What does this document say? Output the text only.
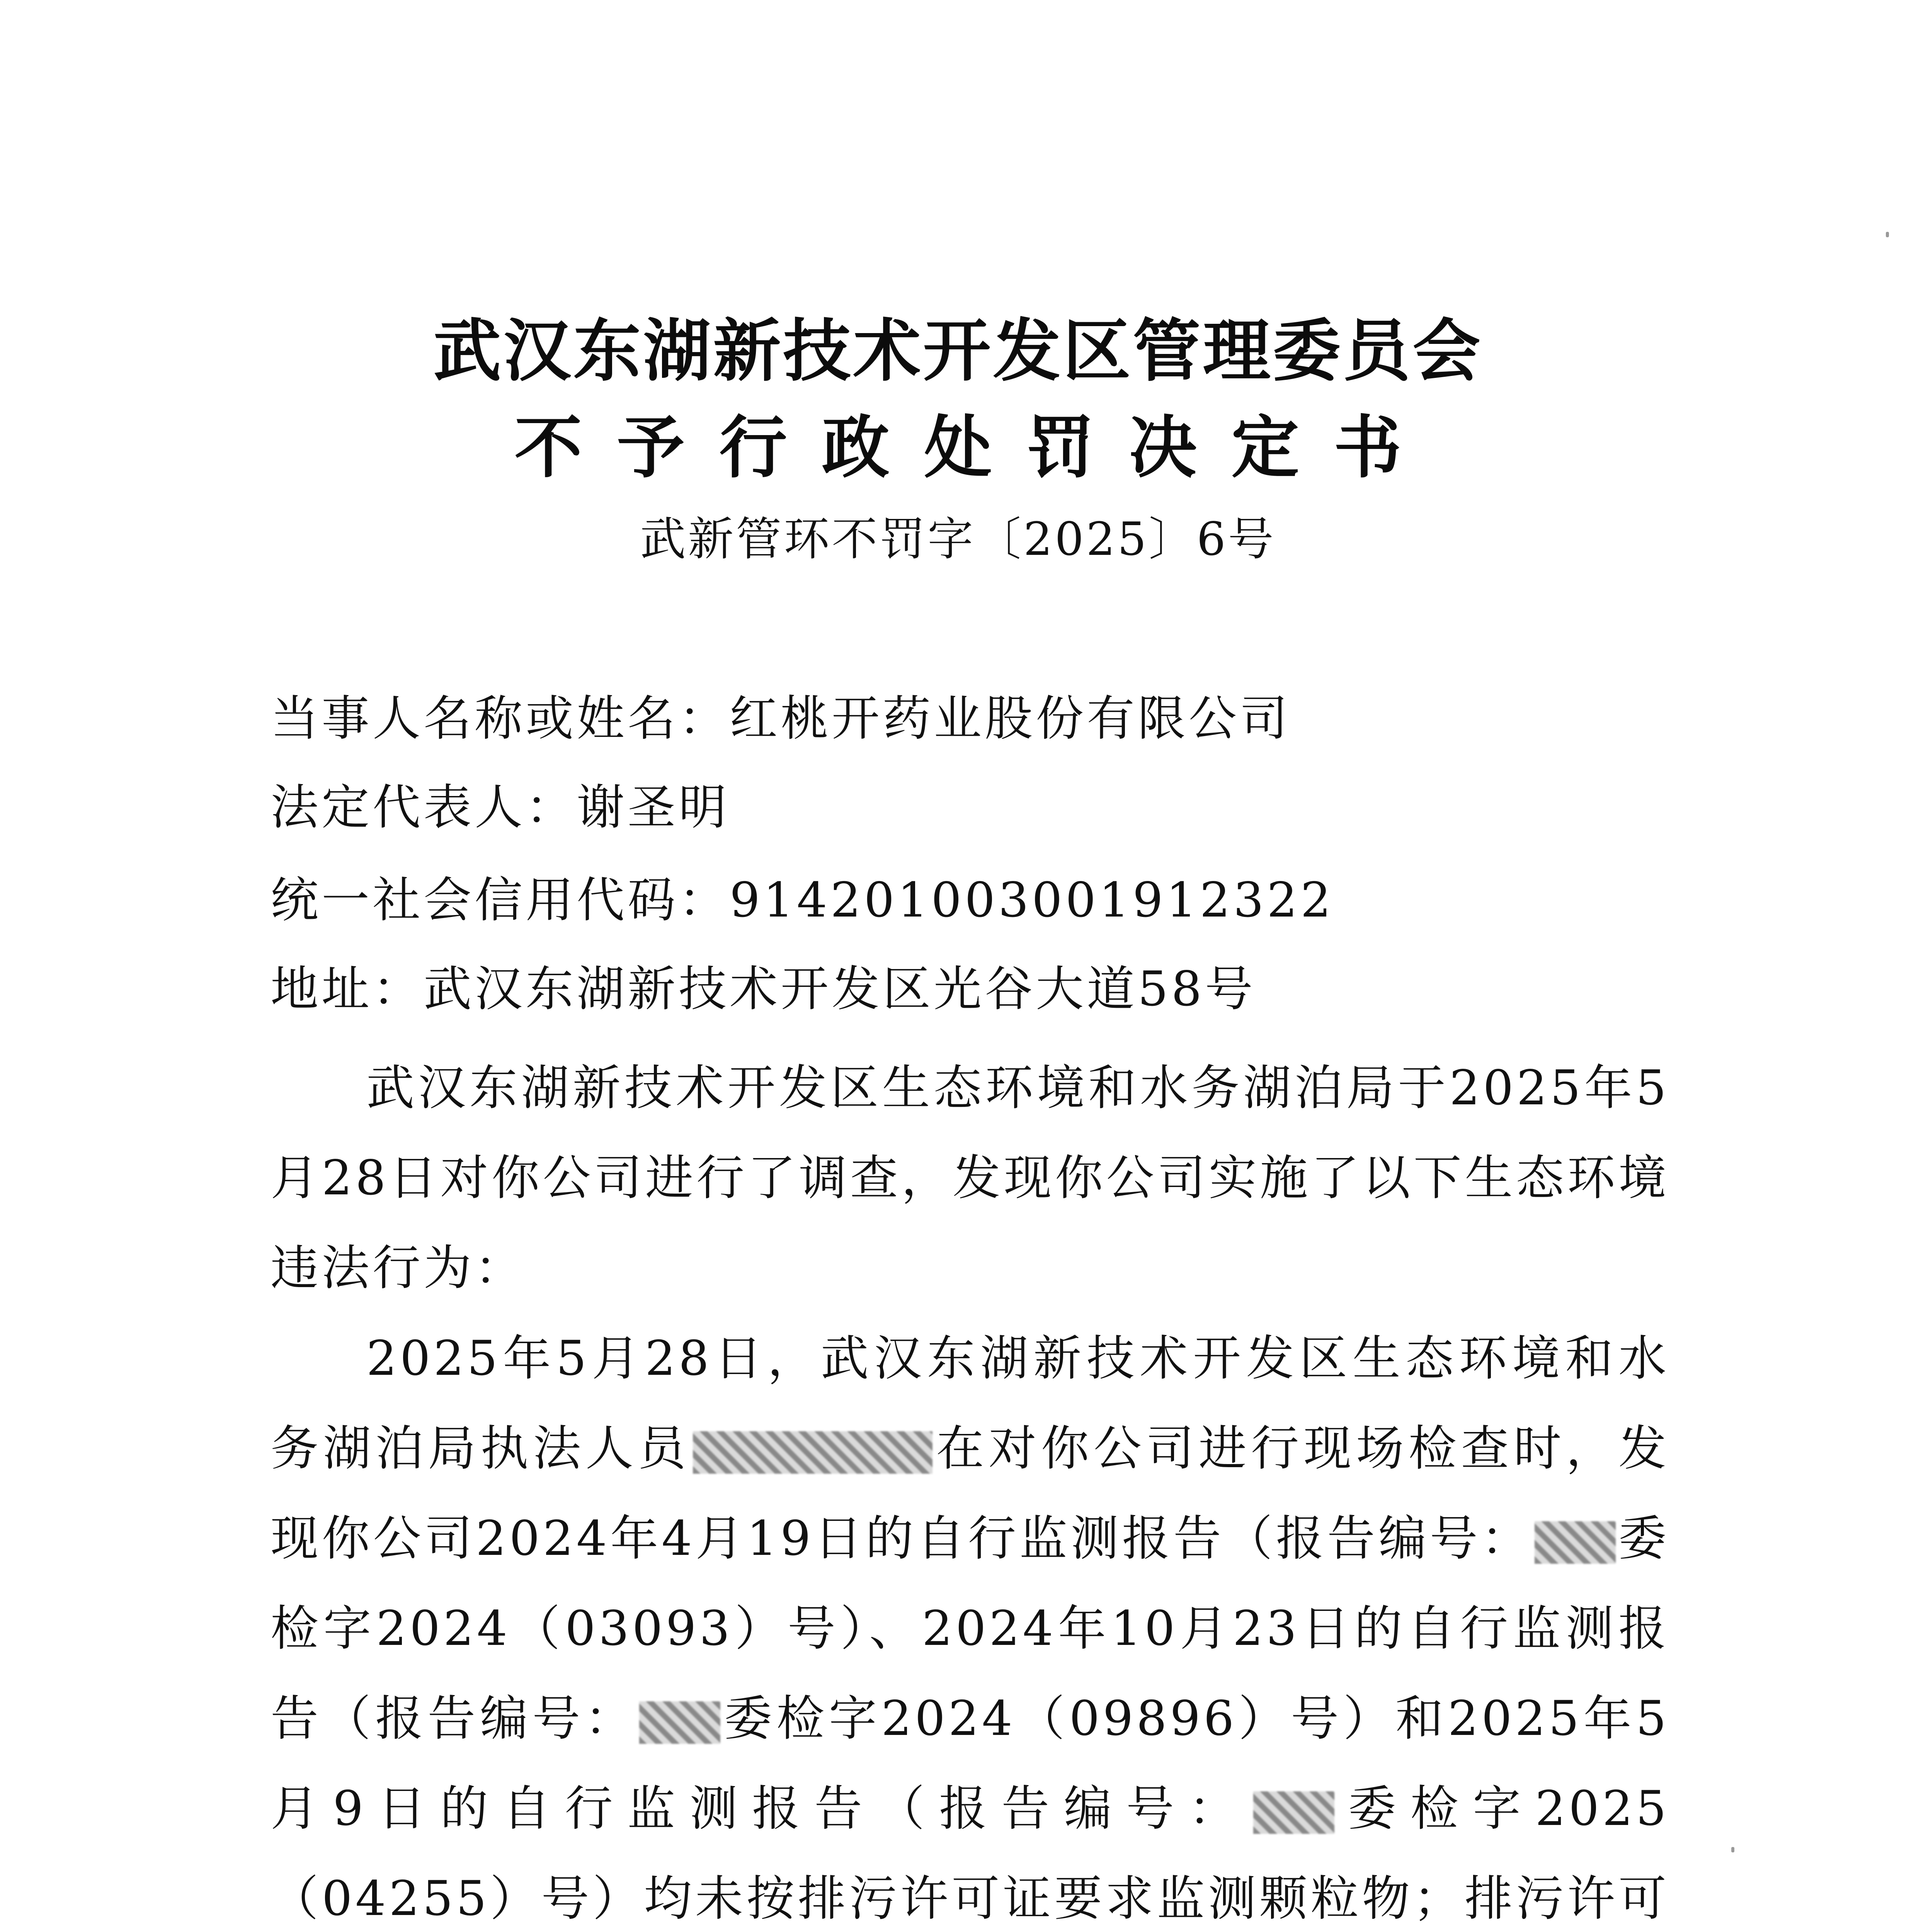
武汉东湖新技术开发区管理委员会
不予行政处罚决定书
武新管环不罚字〔2025〕6号
当事人名称或姓名：红桃开药业股份有限公司
法定代表人：谢圣明
统一社会信用代码：914201003001912322
地址：武汉东湖新技术开发区光谷大道58号

武汉东湖新技术开发区生态环境和水务湖泊局于2025年5月28日对你公司进行了调查，发现你公司实施了以下生态环境违法行为：

2025年5月28日，武汉东湖新技术开发区生态环境和水务湖泊局执法人员	在对你公司进行现场检查时，发现你公司2024年4月19日的自行监测报告（报告编号： 委检字2024（03093）号）、2024年10月23日的自行监测报告（报告编号： 委检字2024（09896）号）和2025年5月9日的自行监测报告（报告编号： 委检字2025（04255）号）均未按排污许可证要求监测颗粒物；排污许可
